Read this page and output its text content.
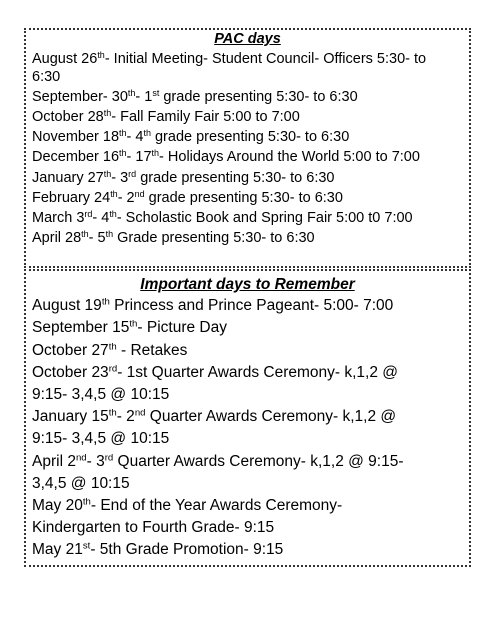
PAC days
August 26th- Initial Meeting- Student Council- Officers 5:30- to
6:30
September- 30th- 1st grade presenting 5:30- to 6:30
October 28th- Fall Family Fair 5:00 to 7:00
November 18th- 4th grade presenting 5:30- to 6:30
December 16th- 17th- Holidays Around the World 5:00 to 7:00
January 27th- 3rd grade presenting 5:30- to 6:30
February 24th- 2nd grade presenting 5:30- to 6:30
March 3rd- 4th- Scholastic Book and Spring Fair 5:00 t0 7:00
April 28th- 5th Grade presenting 5:30- to 6:30
Important days to Remember
August 19th Princess and Prince Pageant- 5:00- 7:00
September 15th- Picture Day
October 27th - Retakes
October 23rd- 1st Quarter Awards Ceremony- k,1,2 @
9:15- 3,4,5 @ 10:15
January 15th- 2nd Quarter Awards Ceremony- k,1,2 @
9:15- 3,4,5 @ 10:15
April 2nd- 3rd Quarter Awards Ceremony- k,1,2 @ 9:15-
3,4,5 @ 10:15
May 20th- End of the Year Awards Ceremony-
Kindergarten to Fourth Grade- 9:15
May 21st- 5th Grade Promotion- 9:15
